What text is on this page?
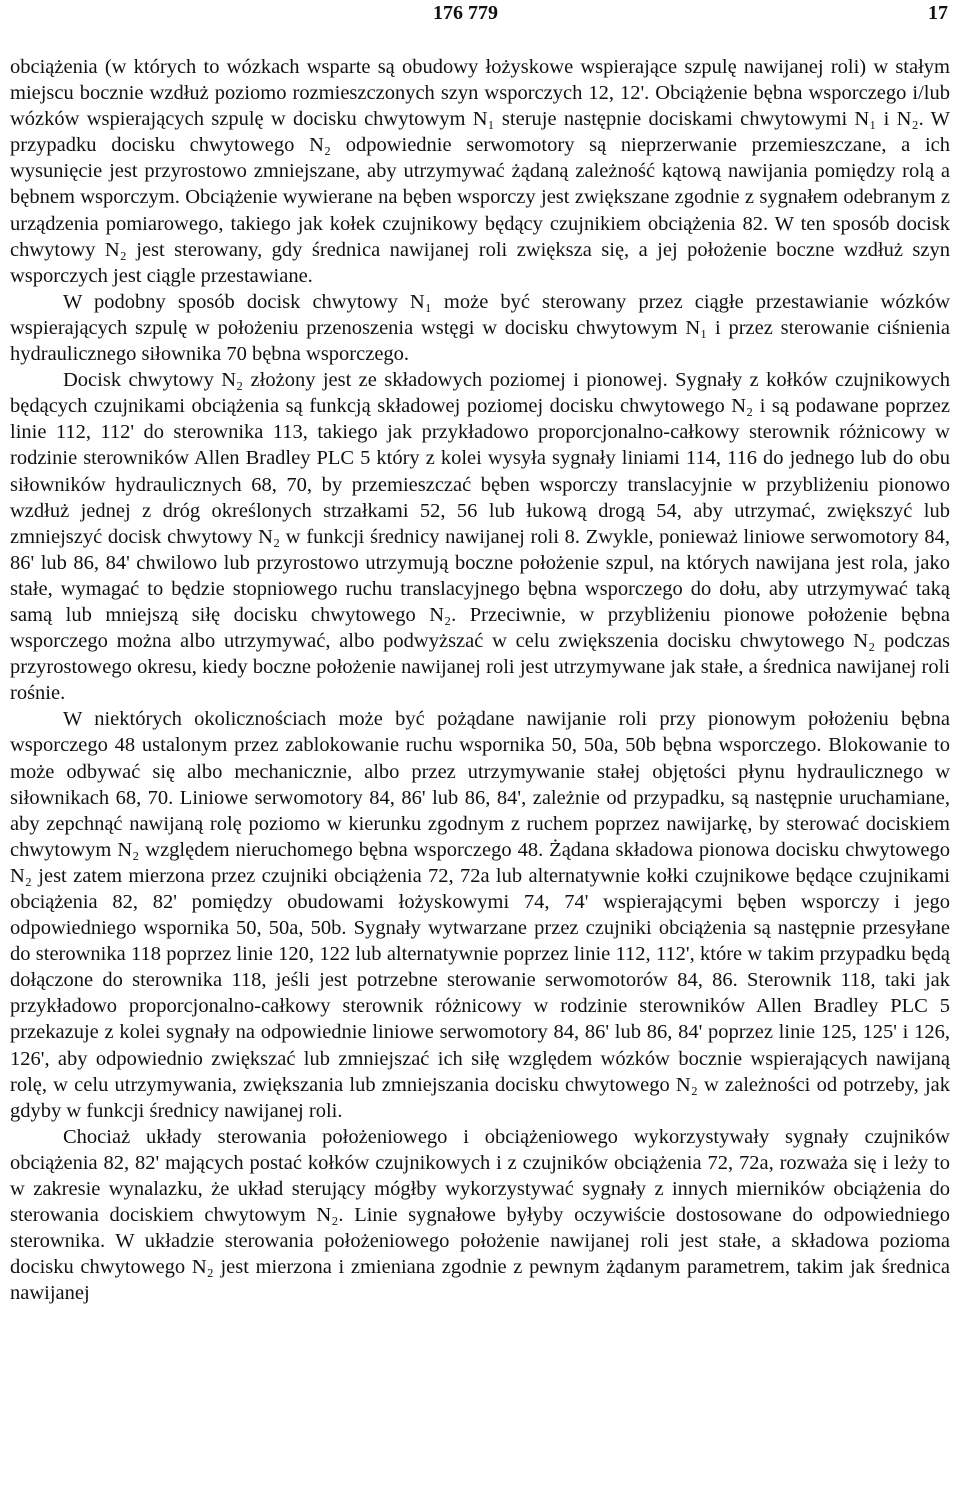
176 779	17

obciążenia (w których to wózkach wsparte są obudowy łożyskowe wspierające szpulę nawijanej roli) w stałym miejscu bocznie wzdłuż poziomo rozmieszczonych szyn wsporczych 12, 12'. Obciążenie bębna wsporczego i/lub wózków wspierających szpulę w docisku chwytowym N₁ steruje następnie dociskami chwytowymi N₁ i N₂. W przypadku docisku chwytowego N₂ odpowiednie serwomotory są nieprzerwanie przemieszczane, a ich wysunięcie jest przyrostowo zmniejszane, aby utrzymywać żądaną zależność kątową nawijania pomiędzy rolą a bębnem wsporczym. Obciążenie wywierane na bęben wsporczy jest zwiększane zgodnie z sygnałem odebranym z urządzenia pomiarowego, takiego jak kołek czujnikowy będący czujnikiem obciążenia 82. W ten sposób docisk chwytowy N₂ jest sterowany, gdy średnica nawijanej roli zwiększa się, a jej położenie boczne wzdłuż szyn wsporczych jest ciągle przestawiane.

W podobny sposób docisk chwytowy N₁ może być sterowany przez ciągłe przestawianie wózków wspierających szpulę w położeniu przenoszenia wstęgi w docisku chwytowym N₁ i przez sterowanie ciśnienia hydraulicznego siłownika 70 bębna wsporczego.

Docisk chwytowy N₂ złożony jest ze składowych poziomej i pionowej. Sygnały z kołków czujnikowych będących czujnikami obciążenia są funkcją składowej poziomej docisku chwytowego N₂ i są podawane poprzez linie 112, 112' do sterownika 113, takiego jak przykładowo proporcjonalno-całkowy sterownik różnicowy w rodzinie sterowników Allen Bradley PLC 5 który z kolei wysyła sygnały liniami 114, 116 do jednego lub do obu siłowników hydraulicznych 68, 70, by przemieszczać bęben wsporczy translacyjnie w przybliżeniu pionowo wzdłuż jednej z dróg określonych strzałkami 52, 56 lub łukową drogą 54, aby utrzymać, zwiększyć lub zmniejszyć docisk chwytowy N₂ w funkcji średnicy nawijanej roli 8. Zwykle, ponieważ liniowe serwomotory 84, 86' lub 86, 84' chwilowo lub przyrostowo utrzymują boczne położenie szpul, na których nawijana jest rola, jako stałe, wymagać to będzie stopniowego ruchu translacyjnego bębna wsporczego do dołu, aby utrzymywać taką samą lub mniejszą siłę docisku chwytowego N₂. Przeciwnie, w przybliżeniu pionowe położenie bębna wsporczego można albo utrzymywać, albo podwyższać w celu zwiększenia docisku chwytowego N₂ podczas przyrostowego okresu, kiedy boczne położenie nawijanej roli jest utrzymywane jak stałe, a średnica nawijanej roli rośnie.

W niektórych okolicznościach może być pożądane nawijanie roli przy pionowym położeniu bębna wsporczego 48 ustalonym przez zablokowanie ruchu wspornika 50, 50a, 50b bębna wsporczego. Blokowanie to może odbywać się albo mechanicznie, albo przez utrzymywanie stałej objętości płynu hydraulicznego w siłownikach 68, 70. Liniowe serwomotory 84, 86' lub 86, 84', zależnie od przypadku, są następnie uruchamiane, aby zepchnąć nawijaną rolę poziomo w kierunku zgodnym z ruchem poprzez nawijarkę, by sterować dociskiem chwytowym N₂ względem nieruchomego bębna wsporczego 48. Żądana składowa pionowa docisku chwytowego N₂ jest zatem mierzona przez czujniki obciążenia 72, 72a lub alternatywnie kołki czujnikowe będące czujnikami obciążenia 82, 82' pomiędzy obudowami łożyskowymi 74, 74' wspierającymi bęben wsporczy i jego odpowiedniego wspornika 50, 50a, 50b. Sygnały wytwarzane przez czujniki obciążenia są następnie przesyłane do sterownika 118 poprzez linie 120, 122 lub alternatywnie poprzez linie 112, 112', które w takim przypadku będą dołączone do sterownika 118, jeśli jest potrzebne sterowanie serwomotorów 84, 86. Sterownik 118, taki jak przykładowo proporcjonalno-całkowy sterownik różnicowy w rodzinie sterowników Allen Bradley PLC 5 przekazuje z kolei sygnały na odpowiednie liniowe serwomotory 84, 86' lub 86, 84' poprzez linie 125, 125' i 126, 126', aby odpowiednio zwiększać lub zmniejszać ich siłę względem wózków bocznie wspierających nawijaną rolę, w celu utrzymywania, zwiększania lub zmniejszania docisku chwytowego N₂ w zależności od potrzeby, jak gdyby w funkcji średnicy nawijanej roli.

Chociaż układy sterowania położeniowego i obciążeniowego wykorzystywały sygnały czujników obciążenia 82, 82' mających postać kołków czujnikowych i z czujników obciążenia 72, 72a, rozważa się i leży to w zakresie wynalazku, że układ sterujący mógłby wykorzystywać sygnały z innych mierników obciążenia do sterowania dociskiem chwytowym N₂. Linie sygnałowe byłyby oczywiście dostosowane do odpowiedniego sterownika. W układzie sterowania położeniowego położenie nawijanej roli jest stałe, a składowa pozioma docisku chwytowego N₂ jest mierzona i zmieniana zgodnie z pewnym żądanym parametrem, takim jak średnica nawijanej
